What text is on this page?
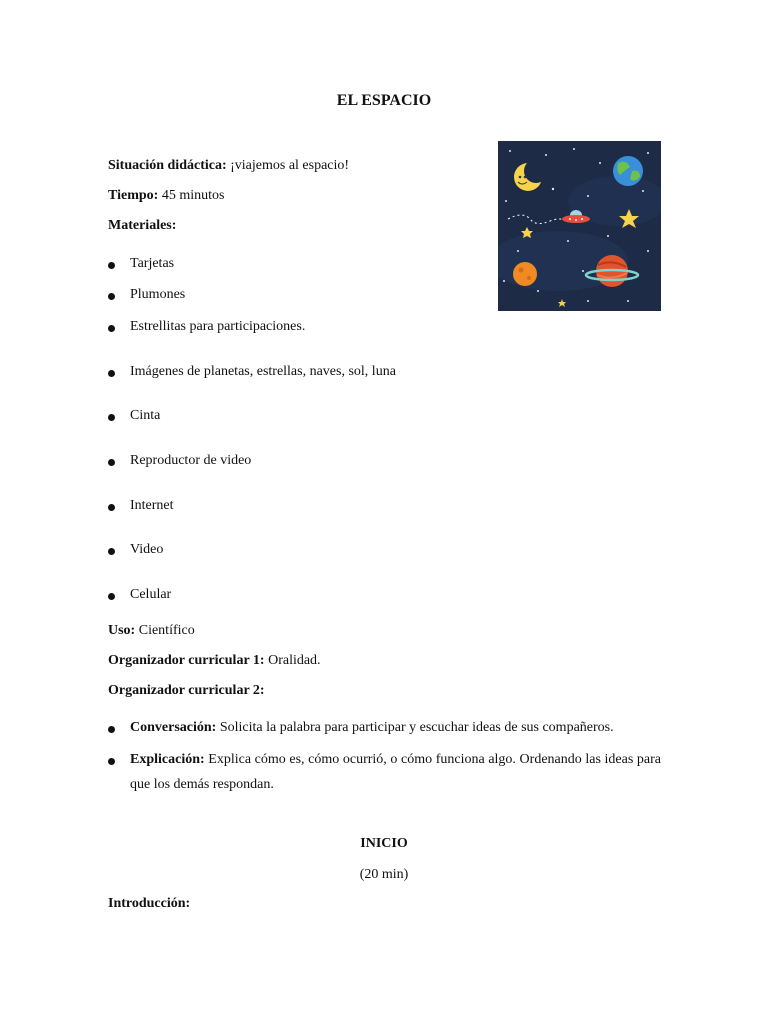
EL ESPACIO
Situación didáctica: ¡viajemos al espacio!
Tiempo: 45 minutos
Materiales:
Tarjetas
Plumones
Estrellitas para participaciones.
Imágenes de planetas, estrellas, naves, sol, luna
Cinta
Reproductor de video
Internet
Video
Celular
Uso: Científico
Organizador curricular 1: Oralidad.
Organizador curricular 2:
Conversación: Solicita la palabra para participar y escuchar ideas de sus compañeros.
Explicación: Explica cómo es, cómo ocurrió, o cómo funciona algo. Ordenando las ideas para que los demás respondan.
INICIO
(20 min)
Introducción:
